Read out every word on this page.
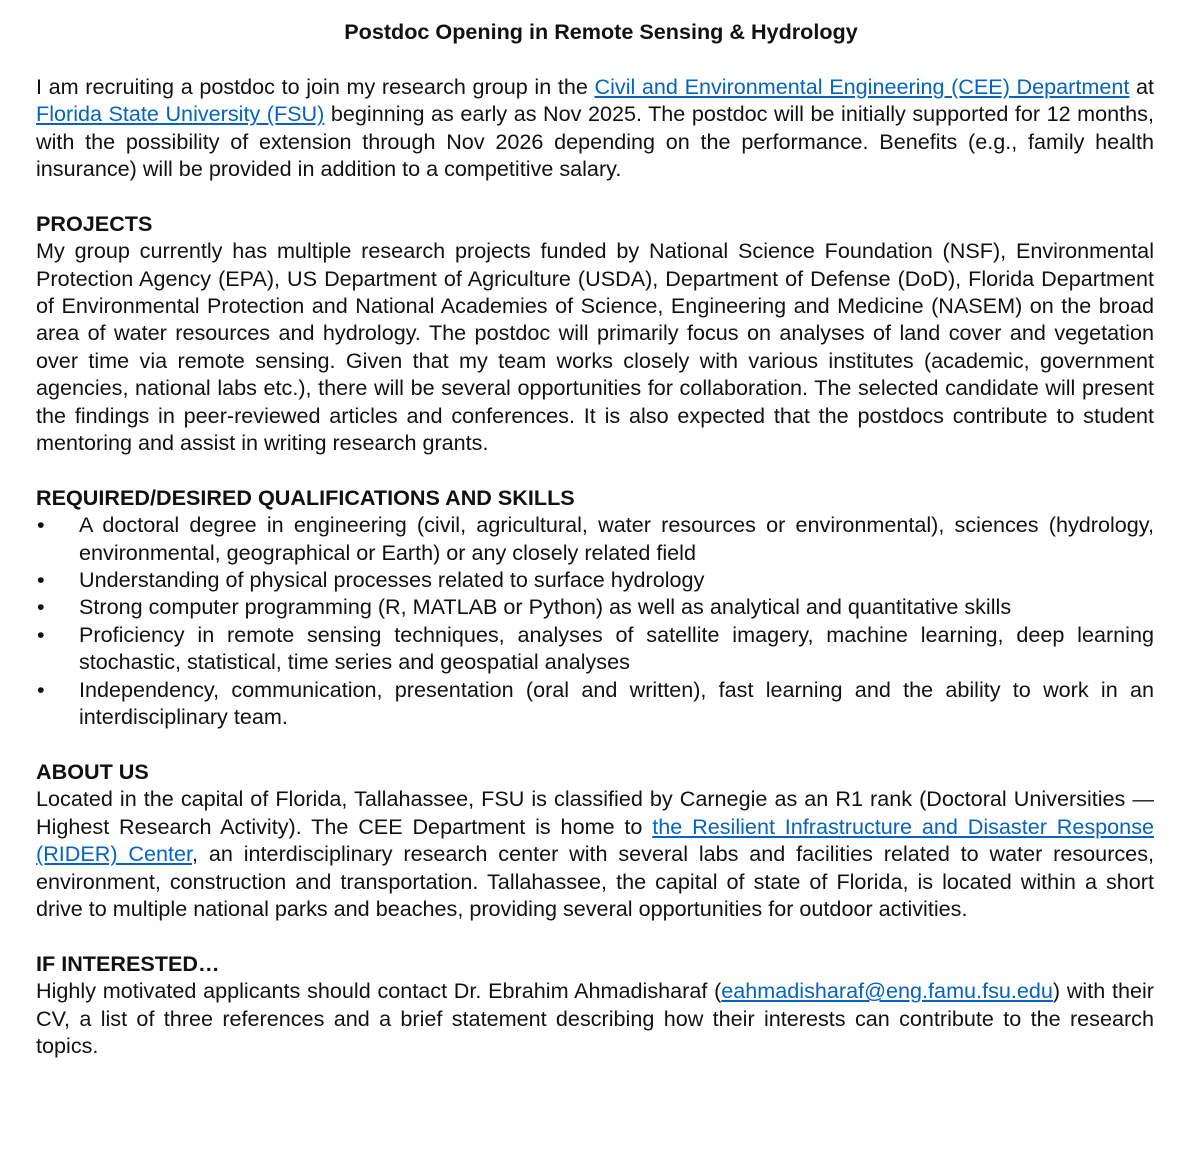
Postdoc Opening in Remote Sensing & Hydrology

I am recruiting a postdoc to join my research group in the Civil and Environmental Engineering (CEE) Department at Florida State University (FSU) beginning as early as Nov 2025. The postdoc will be initially supported for 12 months, with the possibility of extension through Nov 2026 depending on the performance. Benefits (e.g., family health insurance) will be provided in addition to a competitive salary.

PROJECTS

My group currently has multiple research projects funded by National Science Foundation (NSF), Environmental Protection Agency (EPA), US Department of Agriculture (USDA), Department of Defense (DoD), Florida Department of Environmental Protection and National Academies of Science, Engineering and Medicine (NASEM) on the broad area of water resources and hydrology. The postdoc will primarily focus on analyses of land cover and vegetation over time via remote sensing. Given that my team works closely with various institutes (academic, government agencies, national labs etc.), there will be several opportunities for collaboration. The selected candidate will present the findings in peer-reviewed articles and conferences. It is also expected that the postdocs contribute to student mentoring and assist in writing research grants.

REQUIRED/DESIRED QUALIFICATIONS AND SKILLS
•	A doctoral degree in engineering (civil, agricultural, water resources or environmental), sciences (hydrology, environmental, geographical or Earth) or any closely related field
•	Understanding of physical processes related to surface hydrology
•	Strong computer programming (R, MATLAB or Python) as well as analytical and quantitative skills
•	Proficiency in remote sensing techniques, analyses of satellite imagery, machine learning, deep learning stochastic, statistical, time series and geospatial analyses
•	Independency, communication, presentation (oral and written), fast learning and the ability to work in an interdisciplinary team.
ABOUT US

Located in the capital of Florida, Tallahassee, FSU is classified by Carnegie as an R1 rank (Doctoral Universities — Highest Research Activity). The CEE Department is home to the Resilient Infrastructure and Disaster Response (RIDER) Center, an interdisciplinary research center with several labs and facilities related to water resources, environment, construction and transportation. Tallahassee, the capital of state of Florida, is located within a short drive to multiple national parks and beaches, providing several opportunities for outdoor activities.

IF INTERESTED…

Highly motivated applicants should contact Dr. Ebrahim Ahmadisharaf (eahmadisharaf@eng.famu.fsu.edu) with their CV, a list of three references and a brief statement describing how their interests can contribute to the research topics.
